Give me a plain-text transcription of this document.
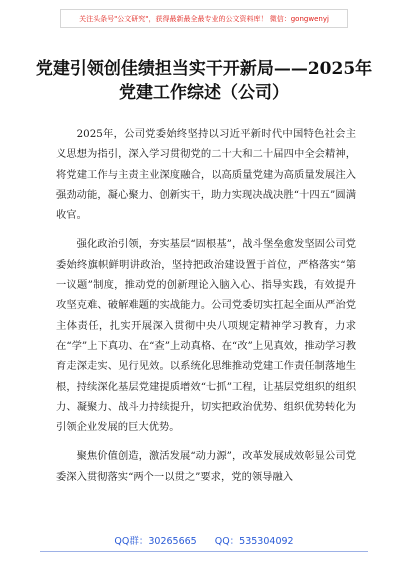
关注头条号"公文研究"，获得最新最全最专业的公文资料库！ 微信：gongwenyj
党建引领创佳绩担当实干开新局——2025年党建工作综述（公司）

2025年，公司党委始终坚持以习近平新时代中国特色社会主义思想为指引，深入学习贯彻党的二十大和二十届四中全会精神，将党建工作与主责主业深度融合，以高质量党建为高质量发展注入强劲动能，凝心聚力、创新实干，助力实现决战决胜“十四五”圆满收官。

强化政治引领，夯实基层“固根基”，战斗堡垒愈发坚固公司党委始终旗帜鲜明讲政治，坚持把政治建设置于首位，严格落实“第一议题”制度，推动党的创新理论入脑入心、指导实践，有效提升攻坚克难、破解难题的实战能力。公司党委切实扛起全面从严治党主体责任，扎实开展深入贯彻中央八项规定精神学习教育，力求在“学”上下真功、在“查”上动真格、在“改”上见真效，推动学习教育走深走实、见行见效。以系统化思维推动党建工作责任制落地生根，持续深化基层党建提质增效“七抓”工程，让基层党组织的组织力、凝聚力、战斗力持续提升，切实把政治优势、组织优势转化为引领企业发展的巨大优势。

聚焦价值创造，激活发展“动力源”，改革发展成效彰显公司党委深入贯彻落实“两个一以贯之”要求，党的领导融入

QQ群：30265665 QQ：535304092
